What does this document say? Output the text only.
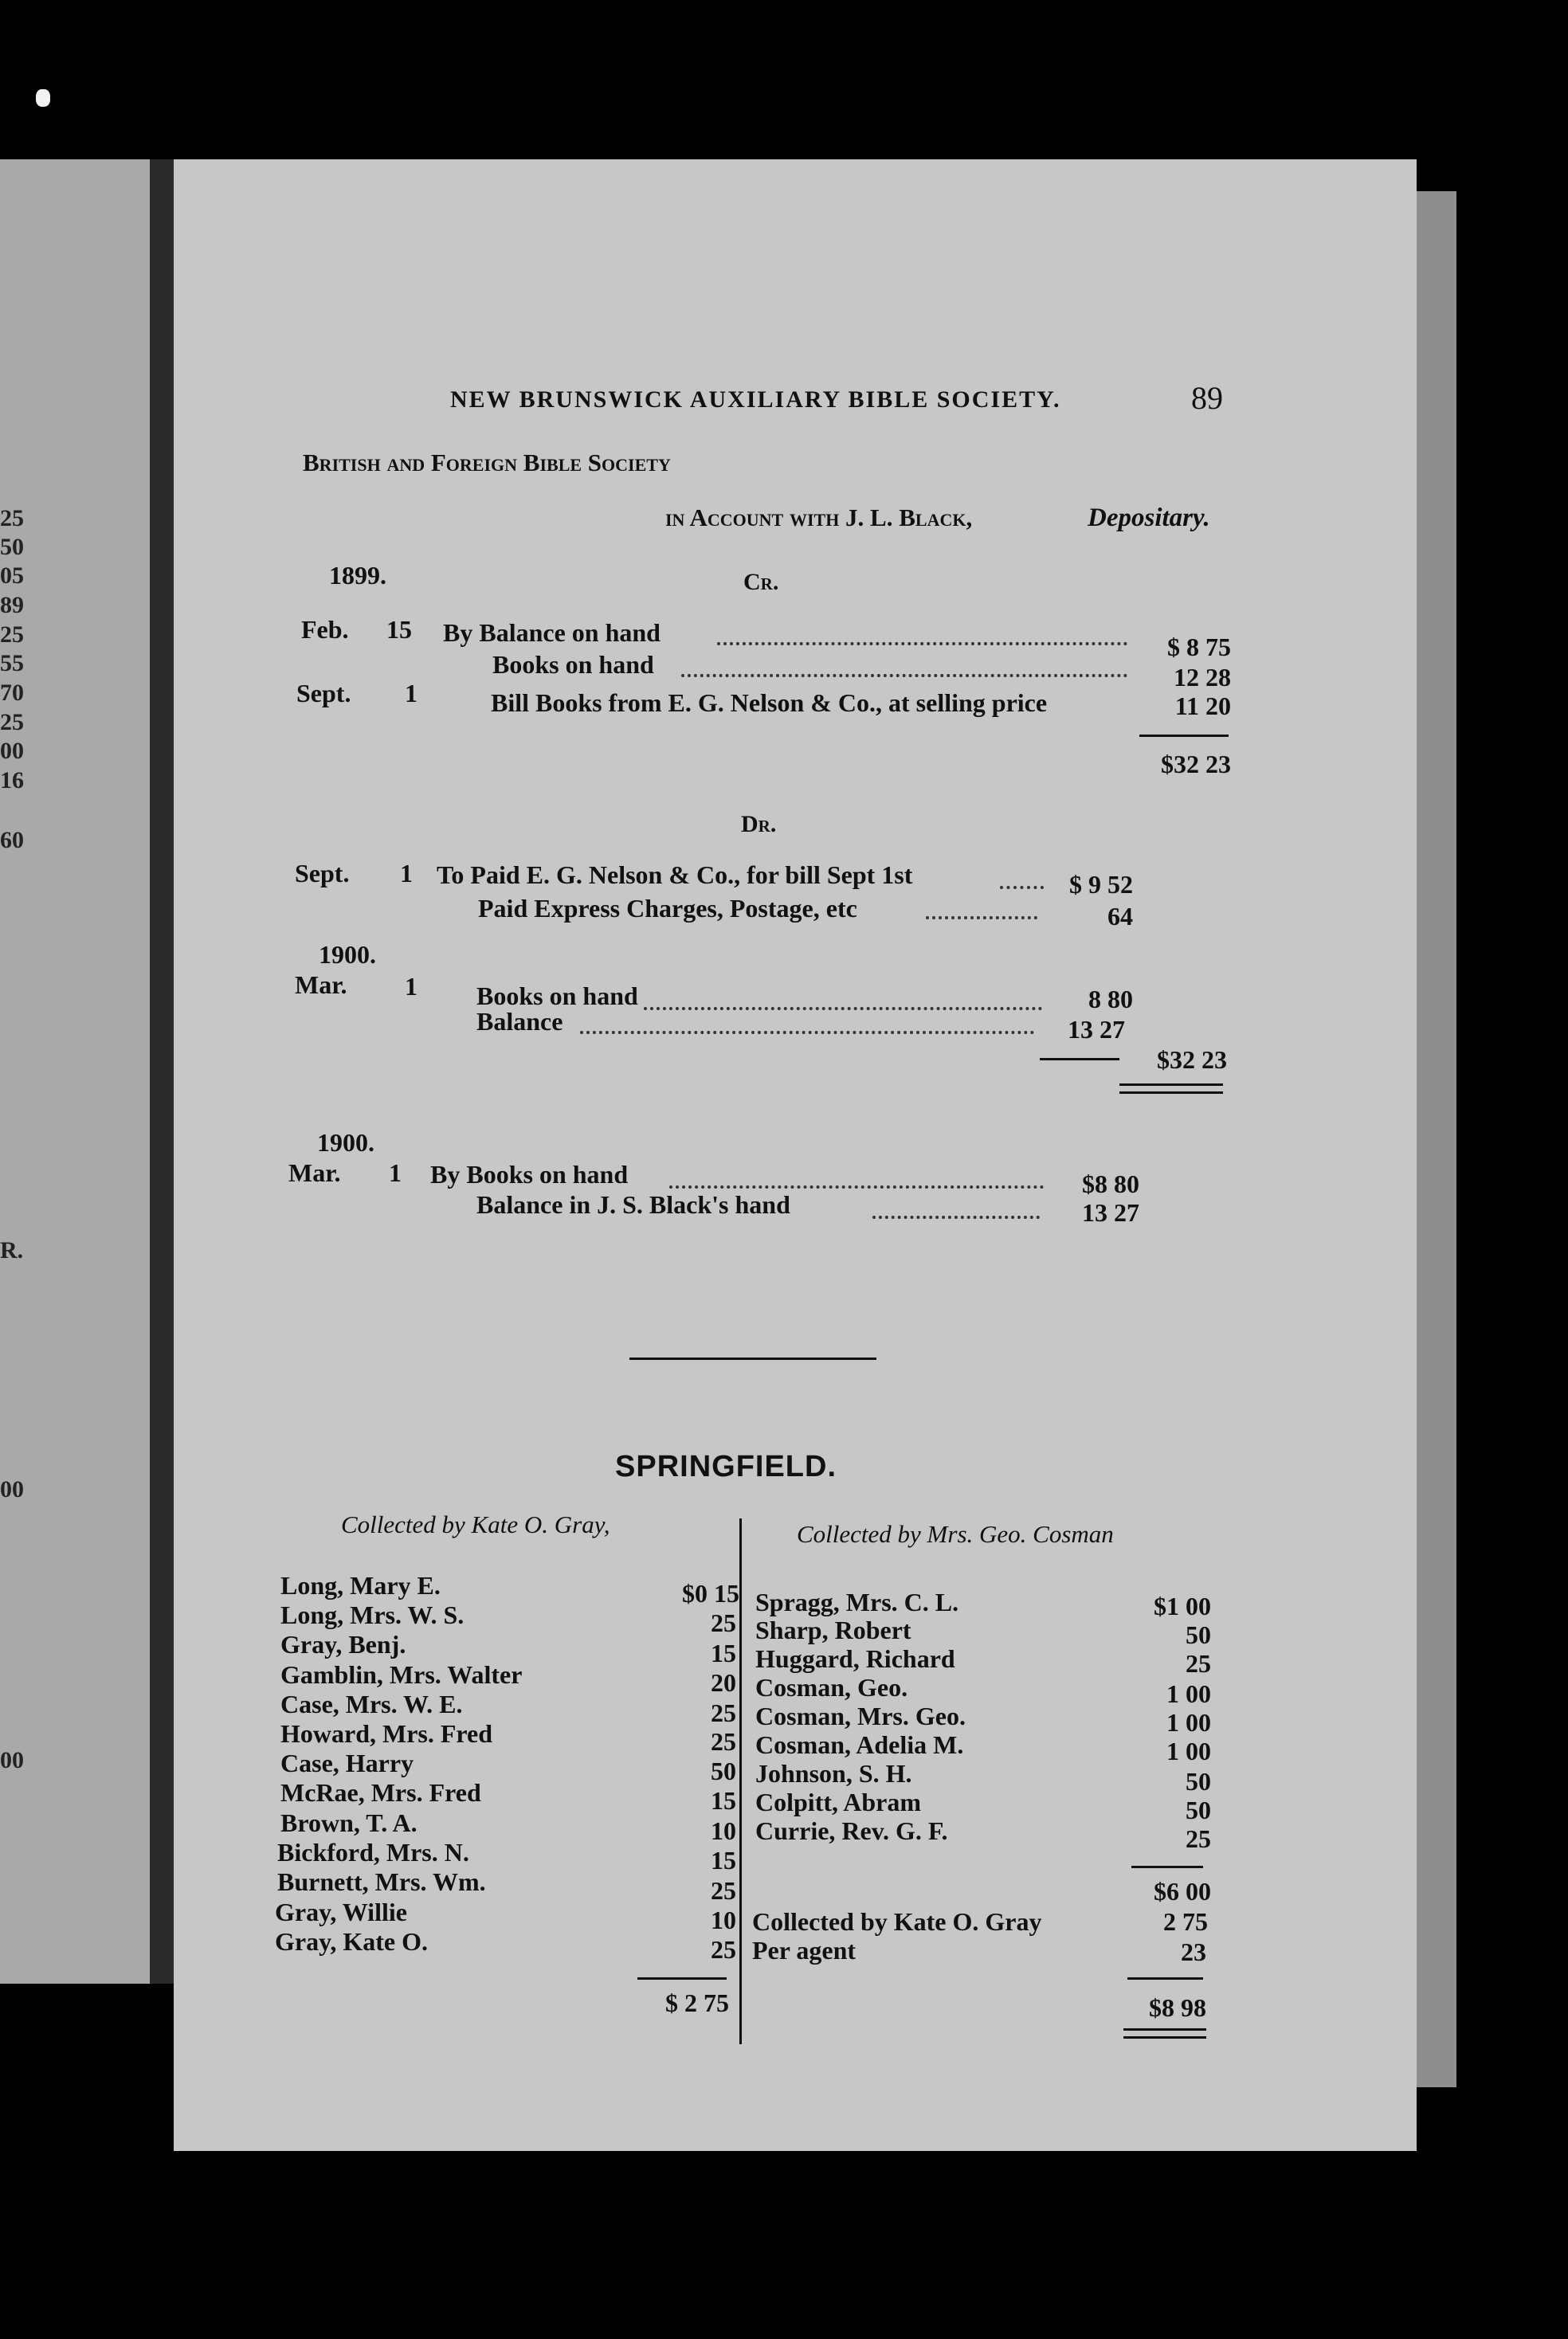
25
50
05
89
25
55
70
25
00
16
60
R.
00
00
NEW BRUNSWICK AUXILIARY BIBLE SOCIETY.	89
British and Foreign Bible Society
in Account with J. L. Black,	Depositary.
1899.	Cr.
Feb. 15 By Balance on hand	$ 8 75
Books on hand	12 28
Sept. 1	Bill Books from E. G. Nelson & Co., at selling price	11 20
$32 23
Dr.
Sept. 1 To Paid E. G. Nelson & Co., for bill Sept 1st	$ 9 52
Paid Express Charges, Postage, etc	64
1900.
Mar. 1 Books on hand	8 80
Balance	13 27
$32 23
1900.
Mar. 1 By Books on hand	$8 80
Balance in J. S. Black's hand	13 27
SPRINGFIELD.
Collected by Kate O. Gray,	Collected by Mrs. Geo. Cosman
Long, Mary E.	$0 15
Long, Mrs. W. S.	25
Gray, Benj.	15
Gamblin, Mrs. Walter	20
Case, Mrs. W. E.	25
Howard, Mrs. Fred	25
Case, Harry	50
McRae, Mrs. Fred	15
Brown, T. A.	10
Bickford, Mrs. N.	15
Burnett, Mrs. Wm.	25
Gray, Willie	10
Gray, Kate O.	25
$ 2 75
Spragg, Mrs. C. L.	$1 00
Sharp, Robert	50
Huggard, Richard	25
Cosman, Geo.	1 00
Cosman, Mrs. Geo.	1 00
Cosman, Adelia M.	1 00
Johnson, S. H.	50
Colpitt, Abram	50
Currie, Rev. G. F.	25
$6 00
Collected by Kate O. Gray	2 75
Per agent	23
$8 98
